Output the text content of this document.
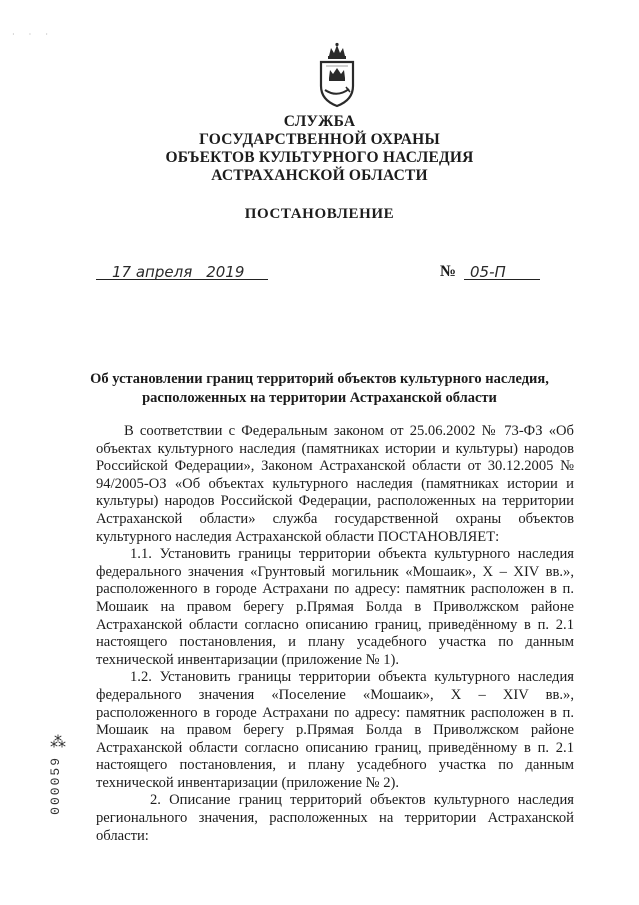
· · ·
СЛУЖБА
ГОСУДАРСТВЕННОЙ ОХРАНЫ
ОБЪЕКТОВ КУЛЬТУРНОГО НАСЛЕДИЯ
АСТРАХАНСКОЙ ОБЛАСТИ
ПОСТАНОВЛЕНИЕ
17 апреля 2019	№ 05-П
Об установлении границ территорий объектов культурного наследия,
расположенных на территории Астраханской области
В соответствии с Федеральным законом от 25.06.2002 № 73-ФЗ «Об
объектах культурного наследия (памятниках истории и культуры) народов
Российской Федерации», Законом Астраханской области от 30.12.2005 №
94/2005-ОЗ «Об объектах культурного наследия (памятниках истории и
культуры) народов Российской Федерации, расположенных на территории
Астраханской области» служба государственной охраны объектов
культурного наследия Астраханской области ПОСТАНОВЛЯЕТ:
1.1. Установить границы территории объекта культурного наследия
федерального значения «Грунтовый могильник «Мошаик», X – XIV вв.»,
расположенного в городе Астрахани по адресу: памятник расположен в п.
Мошаик на правом берегу р.Прямая Болда в Приволжском районе
Астраханской области согласно описанию границ, приведённому в п. 2.1
настоящего постановления, и плану усадебного участка по данным
технической инвентаризации (приложение № 1).
1.2. Установить границы территории объекта культурного наследия
федерального значения «Поселение «Мошаик», X – XIV вв.»,
расположенного в городе Астрахани по адресу: памятник расположен в п.
Мошаик на правом берегу р.Прямая Болда в Приволжском районе
Астраханской области согласно описанию границ, приведённому в п. 2.1
настоящего постановления, и плану усадебного участка по данным
технической инвентаризации (приложение № 2).
2. Описание границ территорий объектов культурного наследия
регионального значения, расположенных на территории Астраханской
области:
⁂
000059
